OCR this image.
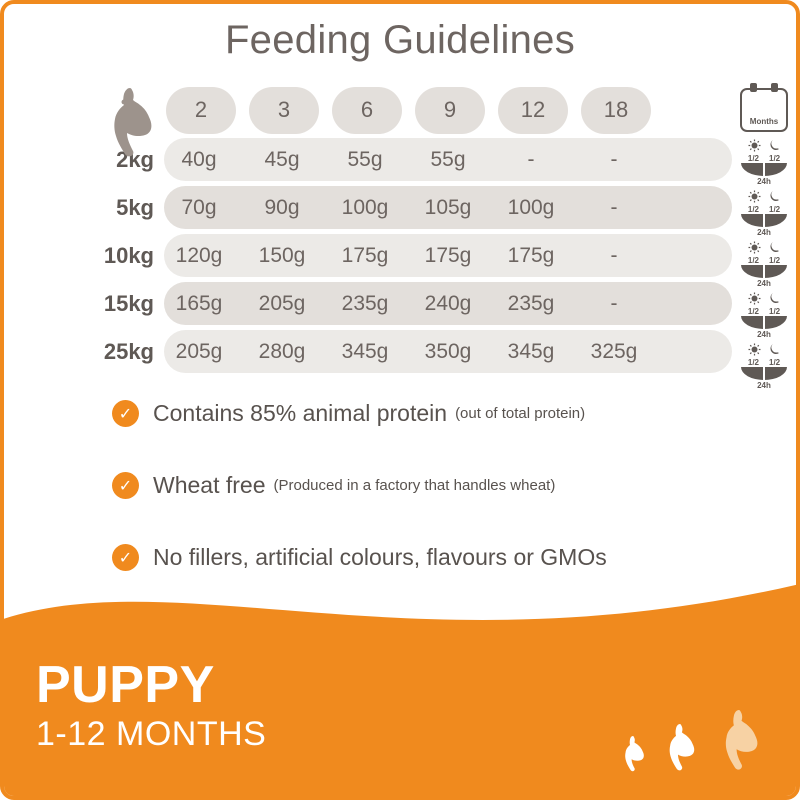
Feeding Guidelines
2	3	6	9	12	18
2kg	40g	45g	55g	55g	-	-
5kg	70g	90g	100g	105g	100g	-
10kg	120g	150g	175g	175g	175g	-
15kg	165g	205g	235g	240g	235g	-
25kg	205g	280g	345g	350g	345g	325g
Months
1/2 1/2
24h
1/2 1/2
24h
1/2 1/2
24h
1/2 1/2
24h
1/2 1/2
24h
✓ Contains 85% animal protein (out of total protein)
✓ Wheat free (Produced in a factory that handles wheat)
✓ No fillers, artificial colours, flavours or GMOs
PUPPY
1-12 MONTHS
